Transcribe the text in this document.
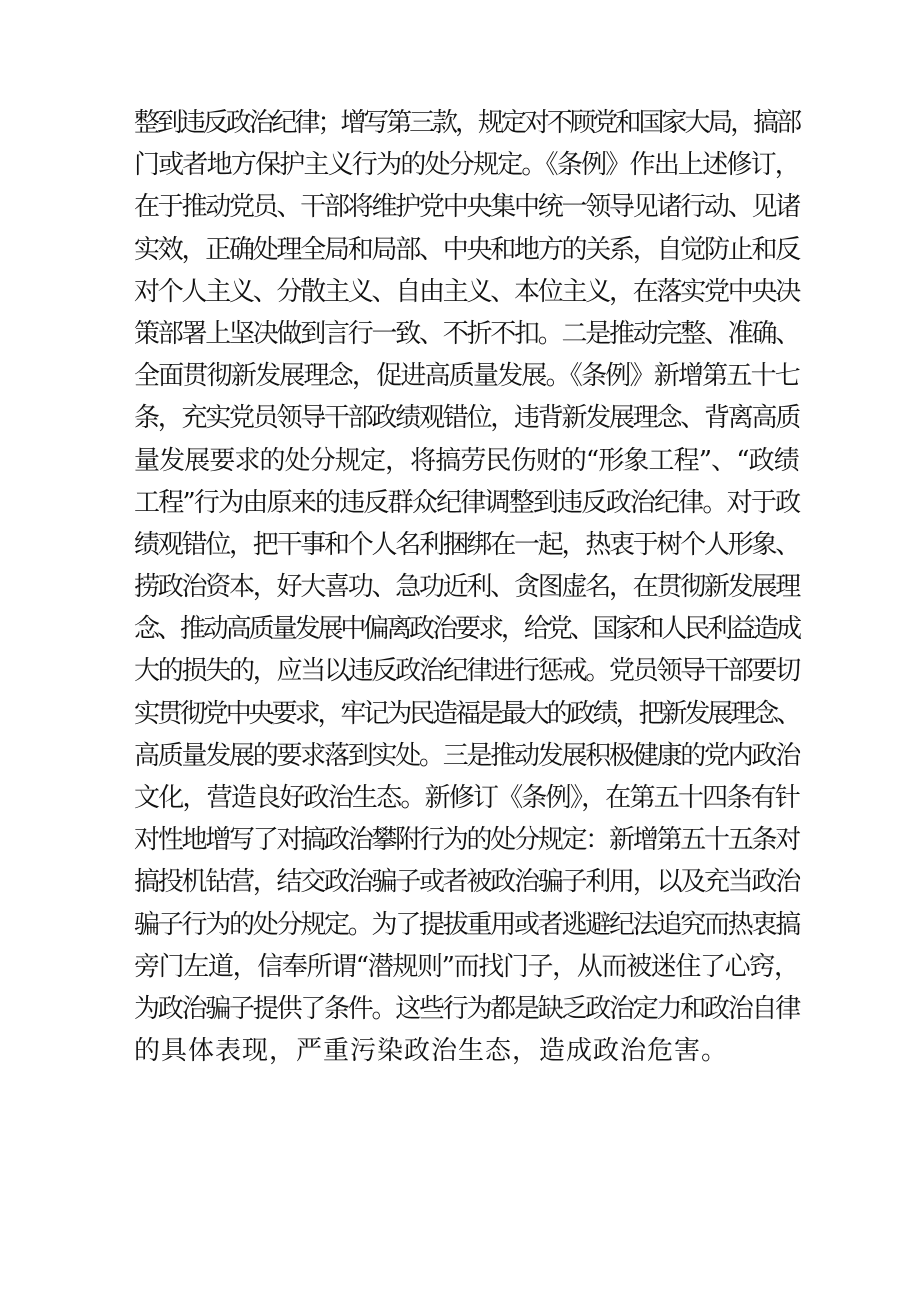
整到违反政治纪律；增写第三款，规定对不顾党和国家大局，搞部
门或者地方保护主义行为的处分规定。《条例》作出上述修订，
在于推动党员、干部将维护党中央集中统一领导见诸行动、见诸
实效，正确处理全局和局部、中央和地方的关系，自觉防止和反
对个人主义、分散主义、自由主义、本位主义，在落实党中央决
策部署上坚决做到言行一致、不折不扣。二是推动完整、准确、
全面贯彻新发展理念，促进高质量发展。《条例》新增第五十七
条，充实党员领导干部政绩观错位，违背新发展理念、背离高质
量发展要求的处分规定，将搞劳民伤财的“形象工程”、“政绩
工程”行为由原来的违反群众纪律调整到违反政治纪律。对于政
绩观错位，把干事和个人名利捆绑在一起，热衷于树个人形象、
捞政治资本，好大喜功、急功近利、贪图虚名，在贯彻新发展理
念、推动高质量发展中偏离政治要求，给党、国家和人民利益造成
大的损失的，应当以违反政治纪律进行惩戒。党员领导干部要切
实贯彻党中央要求，牢记为民造福是最大的政绩，把新发展理念、
高质量发展的要求落到实处。三是推动发展积极健康的党内政治
文化，营造良好政治生态。新修订《条例》，在第五十四条有针
对性地增写了对搞政治攀附行为的处分规定：新增第五十五条对
搞投机钻营，结交政治骗子或者被政治骗子利用，以及充当政治
骗子行为的处分规定。为了提拔重用或者逃避纪法追究而热衷搞
旁门左道，信奉所谓“潜规则”而找门子，从而被迷住了心窍，
为政治骗子提供了条件。这些行为都是缺乏政治定力和政治自律
的具体表现，严重污染政治生态，造成政治危害。
